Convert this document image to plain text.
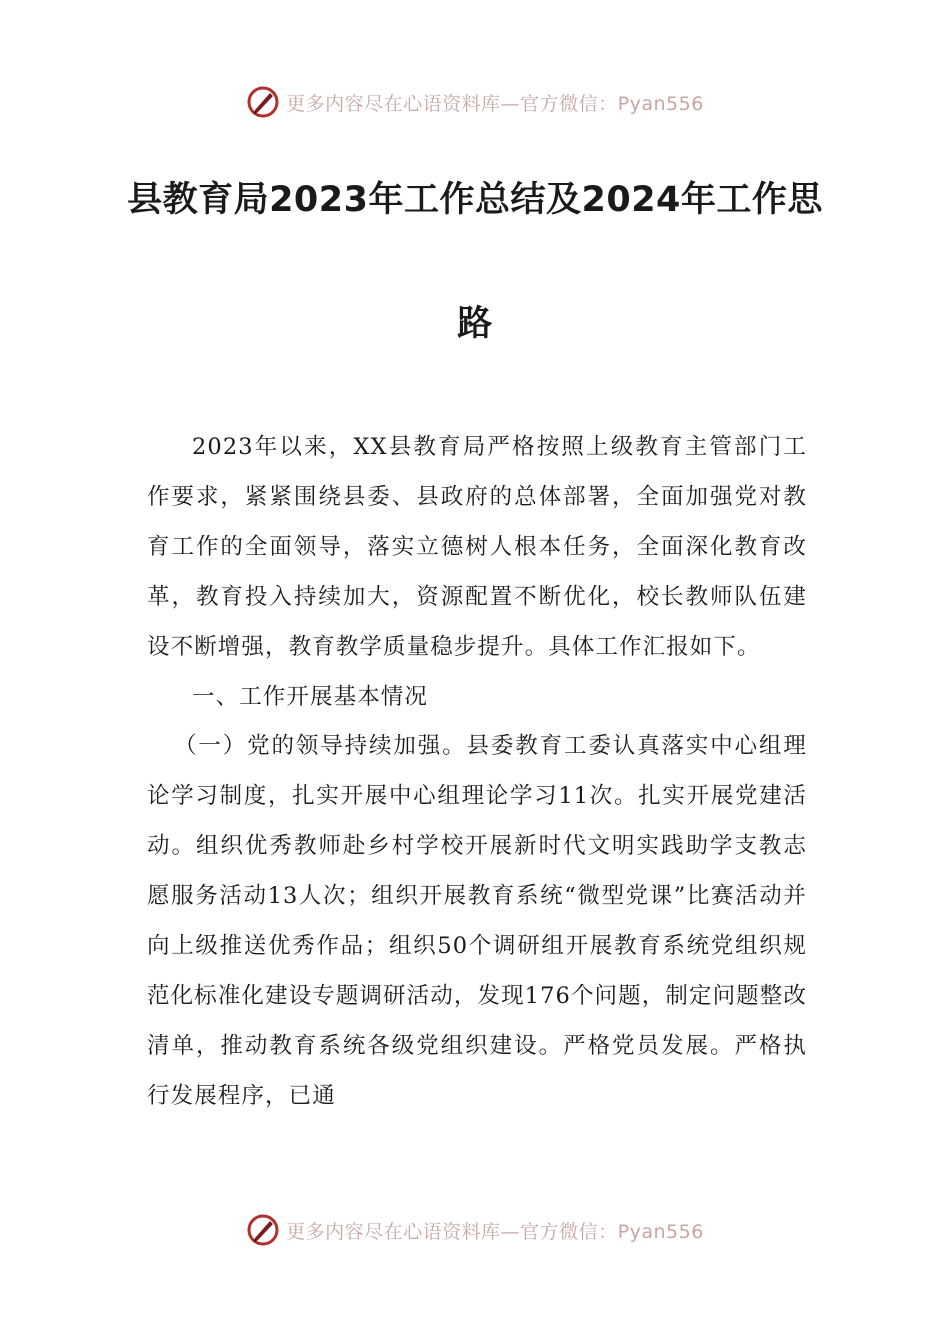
更多内容尽在心语资料库—官方微信：Pyan556
县教育局2023年工作总结及2024年工作思
路

2023年以来，XX县教育局严格按照上级教育主管部门工作要求，紧紧围绕县委、县政府的总体部署，全面加强党对教育工作的全面领导，落实立德树人根本任务，全面深化教育改革，教育投入持续加大，资源配置不断优化，校长教师队伍建设不断增强，教育教学质量稳步提升。具体工作汇报如下。

一、工作开展基本情况

（一）党的领导持续加强。县委教育工委认真落实中心组理论学习制度，扎实开展中心组理论学习11次。扎实开展党建活动。组织优秀教师赴乡村学校开展新时代文明实践助学支教志愿服务活动13人次；组织开展教育系统“微型党课”比赛活动并向上级推送优秀作品；组织50个调研组开展教育系统党组织规范化标准化建设专题调研活动，发现176个问题，制定问题整改清单，推动教育系统各级党组织建设。严格党员发展。严格执行发展程序，已通

更多内容尽在心语资料库—官方微信：Pyan556
